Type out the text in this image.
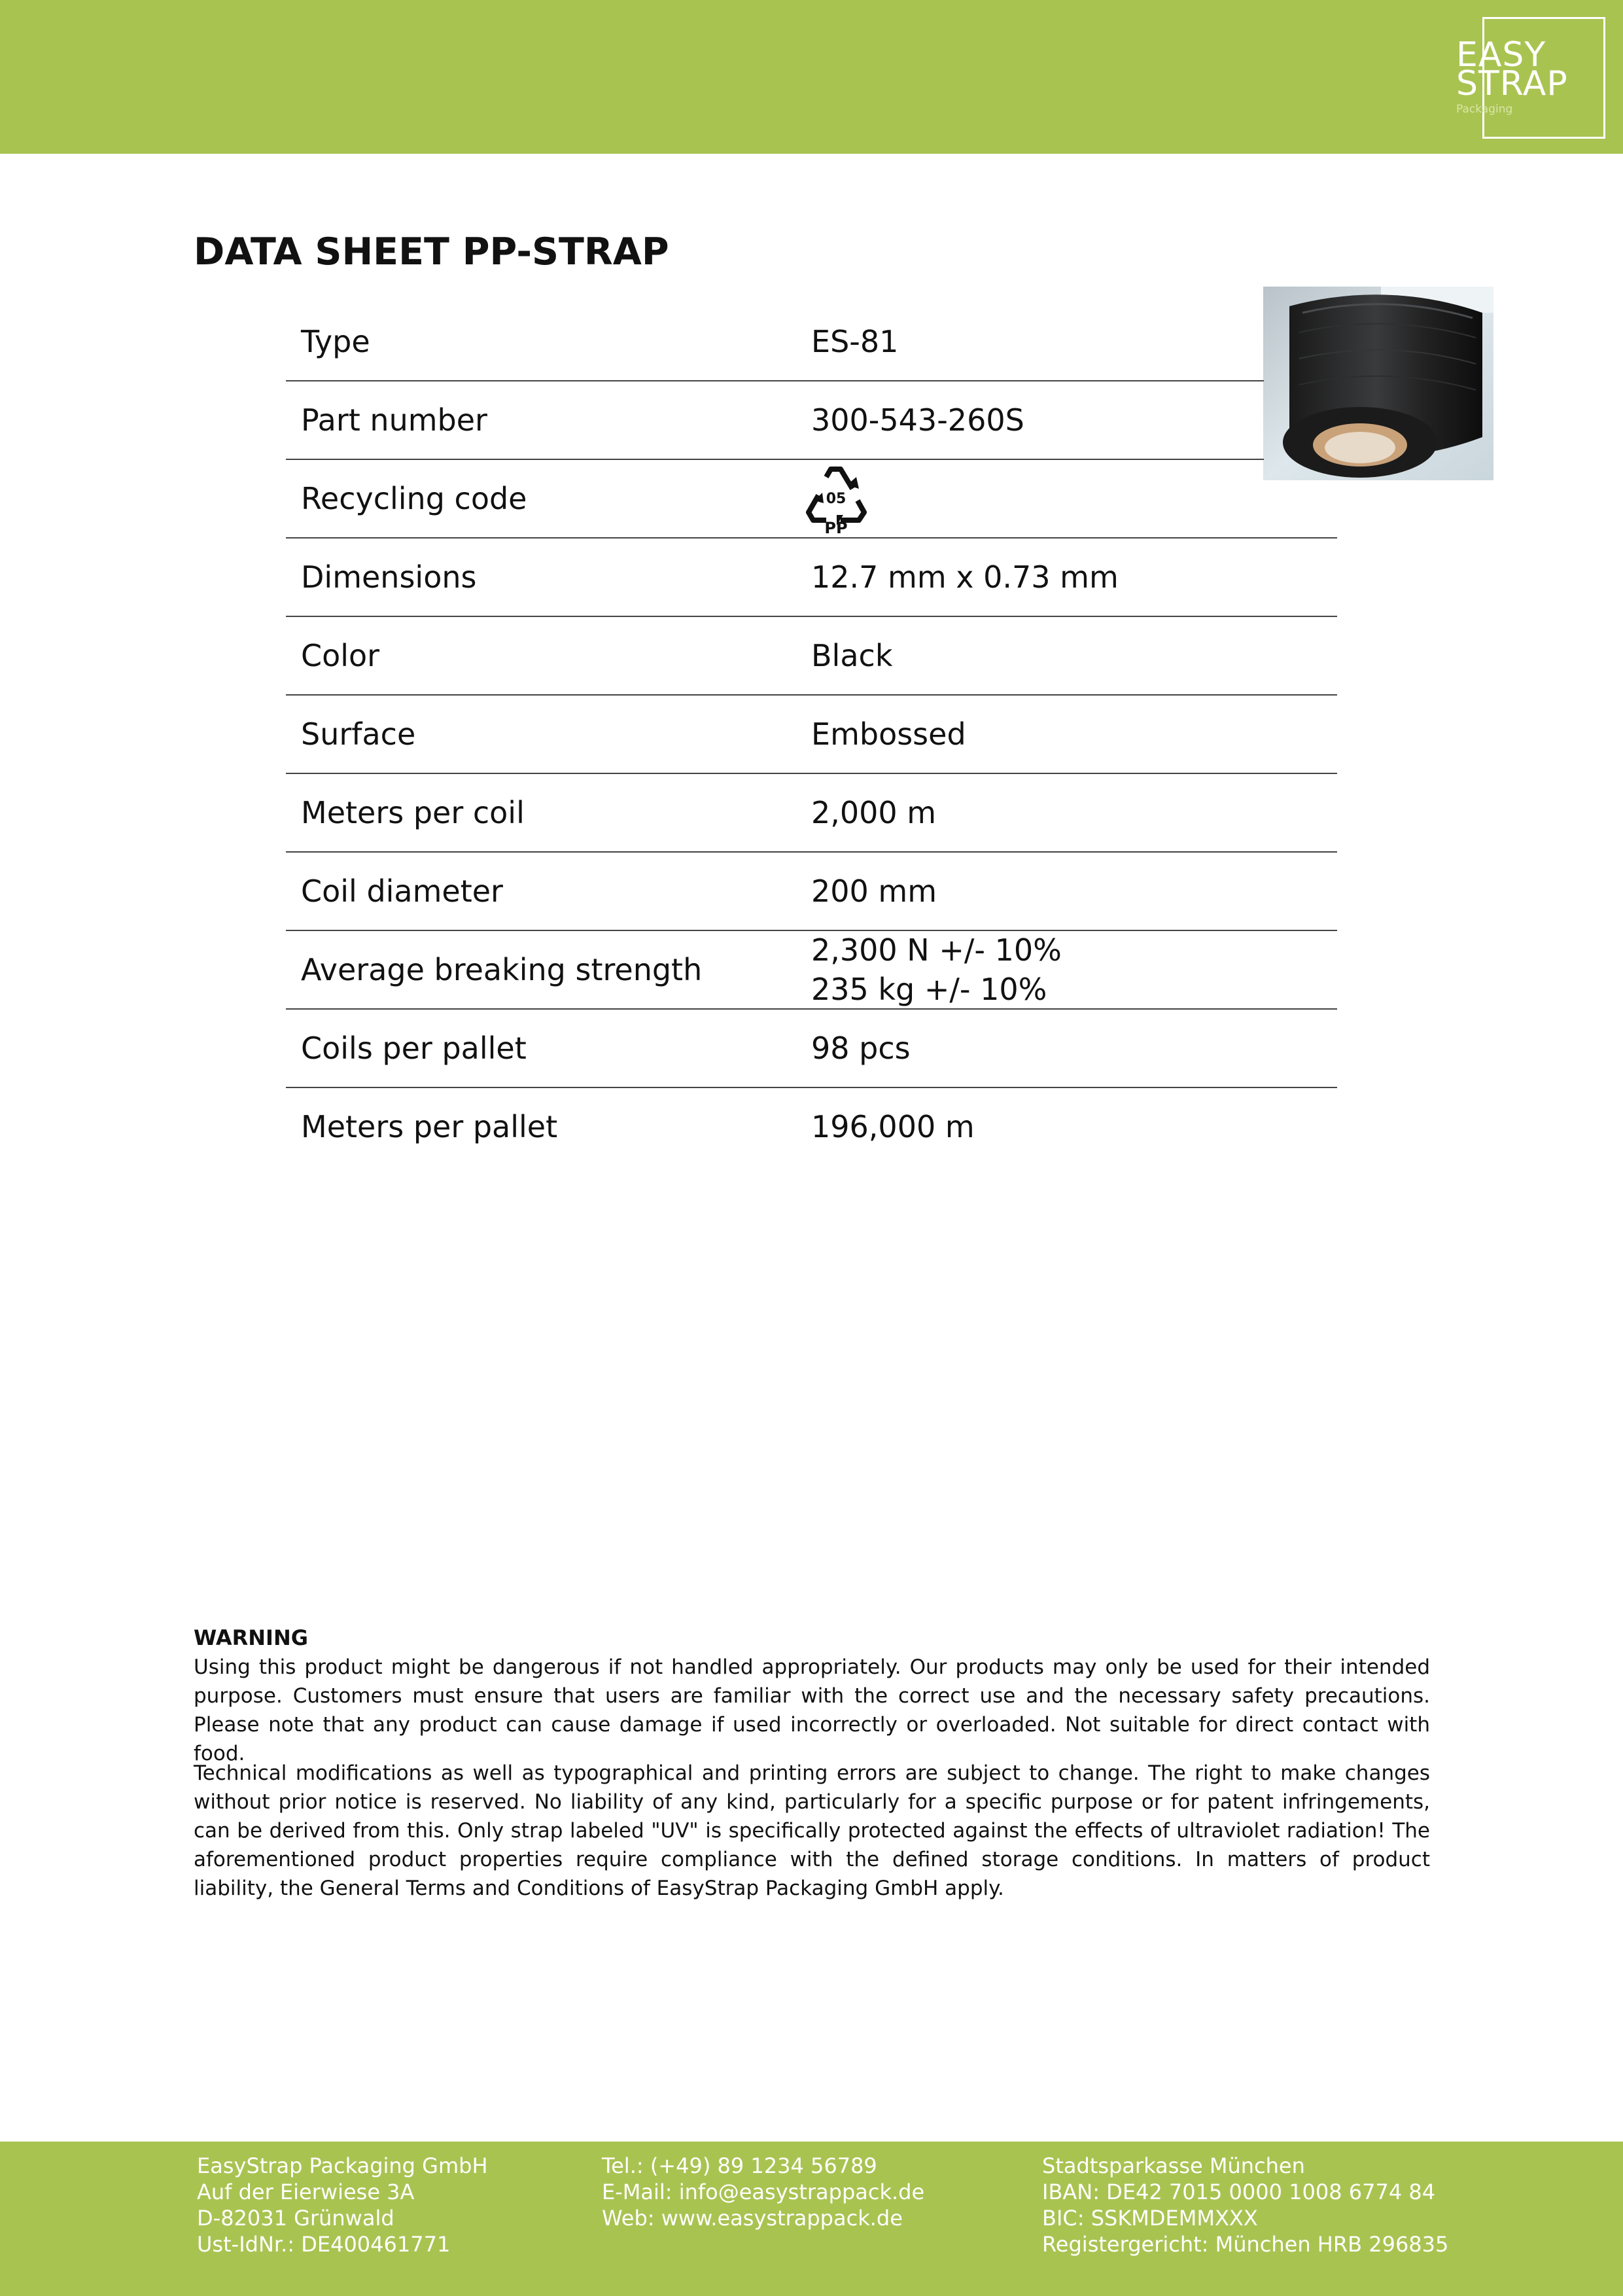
EASY
STRAP
Packaging
DATA SHEET PP-STRAP
Type	ES-81
Part number	300-543-260S
Recycling code	05
PP
Dimensions	12.7 mm x 0.73 mm
Color	Black
Surface	Embossed
Meters per coil	2,000 m
Coil diameter	200 mm
Average breaking strength
2,300 N +/- 10%
235 kg +/- 10%
Coils per pallet	98 pcs
Meters per pallet	196,000 m
WARNING

Using this product might be dangerous if not handled appropriately. Our products may only be used for their intended purpose. Customers must ensure that users are familiar with the correct use and the necessary safety precautions. Please note that any product can cause damage if used incorrectly or overloaded. Not suitable for direct contact with food.

Technical modifications as well as typographical and printing errors are subject to change. The right to make changes without prior notice is reserved. No liability of any kind, particularly for a specific purpose or for patent infringements, can be derived from this. Only strap labeled "UV" is specifically protected against the effects of ultraviolet radiation! The aforementioned product properties require compliance with the defined storage conditions. In matters of product liability, the General Terms and Conditions of EasyStrap Packaging GmbH apply.

EasyStrap Packaging GmbH
Auf der Eierwiese 3A
D-82031 Grünwald
Ust-IdNr.: DE400461771
Tel.: (+49) 89 1234 56789
E-Mail: info@easystrappack.de
Web: www.easystrappack.de
Stadtsparkasse München
IBAN: DE42 7015 0000 1008 6774 84
BIC: SSKMDEMMXXX
Registergericht: München HRB 296835
